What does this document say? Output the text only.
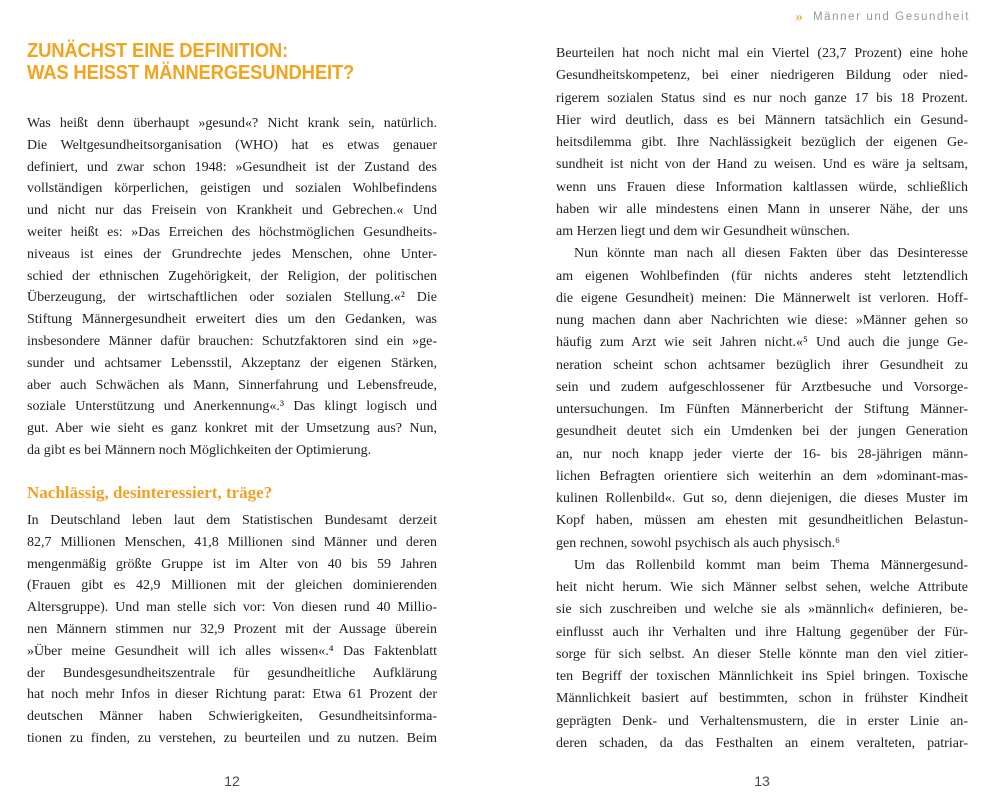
» Männer und Gesundheit
ZUNÄCHST EINE DEFINITION:
WAS HEISST MÄNNERGESUNDHEIT?
Was heißt denn überhaupt »gesund«? Nicht krank sein, natürlich.
Die Weltgesundheitsorganisation (WHO) hat es etwas genauer
definiert, und zwar schon 1948: »Gesundheit ist der Zustand des
vollständigen körperlichen, geistigen und sozialen Wohlbefindens
und nicht nur das Freisein von Krankheit und Gebrechen.« Und
weiter heißt es: »Das Erreichen des höchstmöglichen Gesundheits-
niveaus ist eines der Grundrechte jedes Menschen, ohne Unter-
schied der ethnischen Zugehörigkeit, der Religion, der politischen
Überzeugung, der wirtschaftlichen oder sozialen Stellung.«² Die
Stiftung Männergesundheit erweitert dies um den Gedanken, was
insbesondere Männer dafür brauchen: Schutzfaktoren sind ein »ge-
sunder und achtsamer Lebensstil, Akzeptanz der eigenen Stärken,
aber auch Schwächen als Mann, Sinnerfahrung und Lebensfreude,
soziale Unterstützung und Anerkennung«.³ Das klingt logisch und
gut. Aber wie sieht es ganz konkret mit der Umsetzung aus? Nun,
da gibt es bei Männern noch Möglichkeiten der Optimierung.
Nachlässig, desinteressiert, träge?
In Deutschland leben laut dem Statistischen Bundesamt derzeit
82,7 Millionen Menschen, 41,8 Millionen sind Männer und deren
mengenmäßig größte Gruppe ist im Alter von 40 bis 59 Jahren
(Frauen gibt es 42,9 Millionen mit der gleichen dominierenden
Altersgruppe). Und man stelle sich vor: Von diesen rund 40 Millio-
nen Männern stimmen nur 32,9 Prozent mit der Aussage überein
»Über meine Gesundheit will ich alles wissen«.⁴ Das Faktenblatt
der Bundesgesundheitszentrale für gesundheitliche Aufklärung
hat noch mehr Infos in dieser Richtung parat: Etwa 61 Prozent der
deutschen Männer haben Schwierigkeiten, Gesundheitsinforma-
tionen zu finden, zu verstehen, zu beurteilen und zu nutzen. Beim
12
Beurteilen hat noch nicht mal ein Viertel (23,7 Prozent) eine hohe
Gesundheitskompetenz, bei einer niedrigeren Bildung oder nied-
rigerem sozialen Status sind es nur noch ganze 17 bis 18 Prozent.
Hier wird deutlich, dass es bei Männern tatsächlich ein Gesund-
heitsdilemma gibt. Ihre Nachlässigkeit bezüglich der eigenen Ge-
sundheit ist nicht von der Hand zu weisen. Und es wäre ja seltsam,
wenn uns Frauen diese Information kaltlassen würde, schließlich
haben wir alle mindestens einen Mann in unserer Nähe, der uns
am Herzen liegt und dem wir Gesundheit wünschen.
Nun könnte man nach all diesen Fakten über das Desinteresse
am eigenen Wohlbefinden (für nichts anderes steht letztendlich
die eigene Gesundheit) meinen: Die Männerwelt ist verloren. Hoff-
nung machen dann aber Nachrichten wie diese: »Männer gehen so
häufig zum Arzt wie seit Jahren nicht.«⁵ Und auch die junge Ge-
neration scheint schon achtsamer bezüglich ihrer Gesundheit zu
sein und zudem aufgeschlossener für Arztbesuche und Vorsorge-
untersuchungen. Im Fünften Männerbericht der Stiftung Männer-
gesundheit deutet sich ein Umdenken bei der jungen Generation
an, nur noch knapp jeder vierte der 16- bis 28-jährigen männ-
lichen Befragten orientiere sich weiterhin an dem »dominant-mas-
kulinen Rollenbild«. Gut so, denn diejenigen, die dieses Muster im
Kopf haben, müssen am ehesten mit gesundheitlichen Belastun-
gen rechnen, sowohl psychisch als auch physisch.⁶
Um das Rollenbild kommt man beim Thema Männergesund-
heit nicht herum. Wie sich Männer selbst sehen, welche Attribute
sie sich zuschreiben und welche sie als »männlich« definieren, be-
einflusst auch ihr Verhalten und ihre Haltung gegenüber der Für-
sorge für sich selbst. An dieser Stelle könnte man den viel zitier-
ten Begriff der toxischen Männlichkeit ins Spiel bringen. Toxische
Männlichkeit basiert auf bestimmten, schon in frühster Kindheit
geprägten Denk- und Verhaltensmustern, die in erster Linie an-
deren schaden, da das Festhalten an einem veralteten, patriar-
13
